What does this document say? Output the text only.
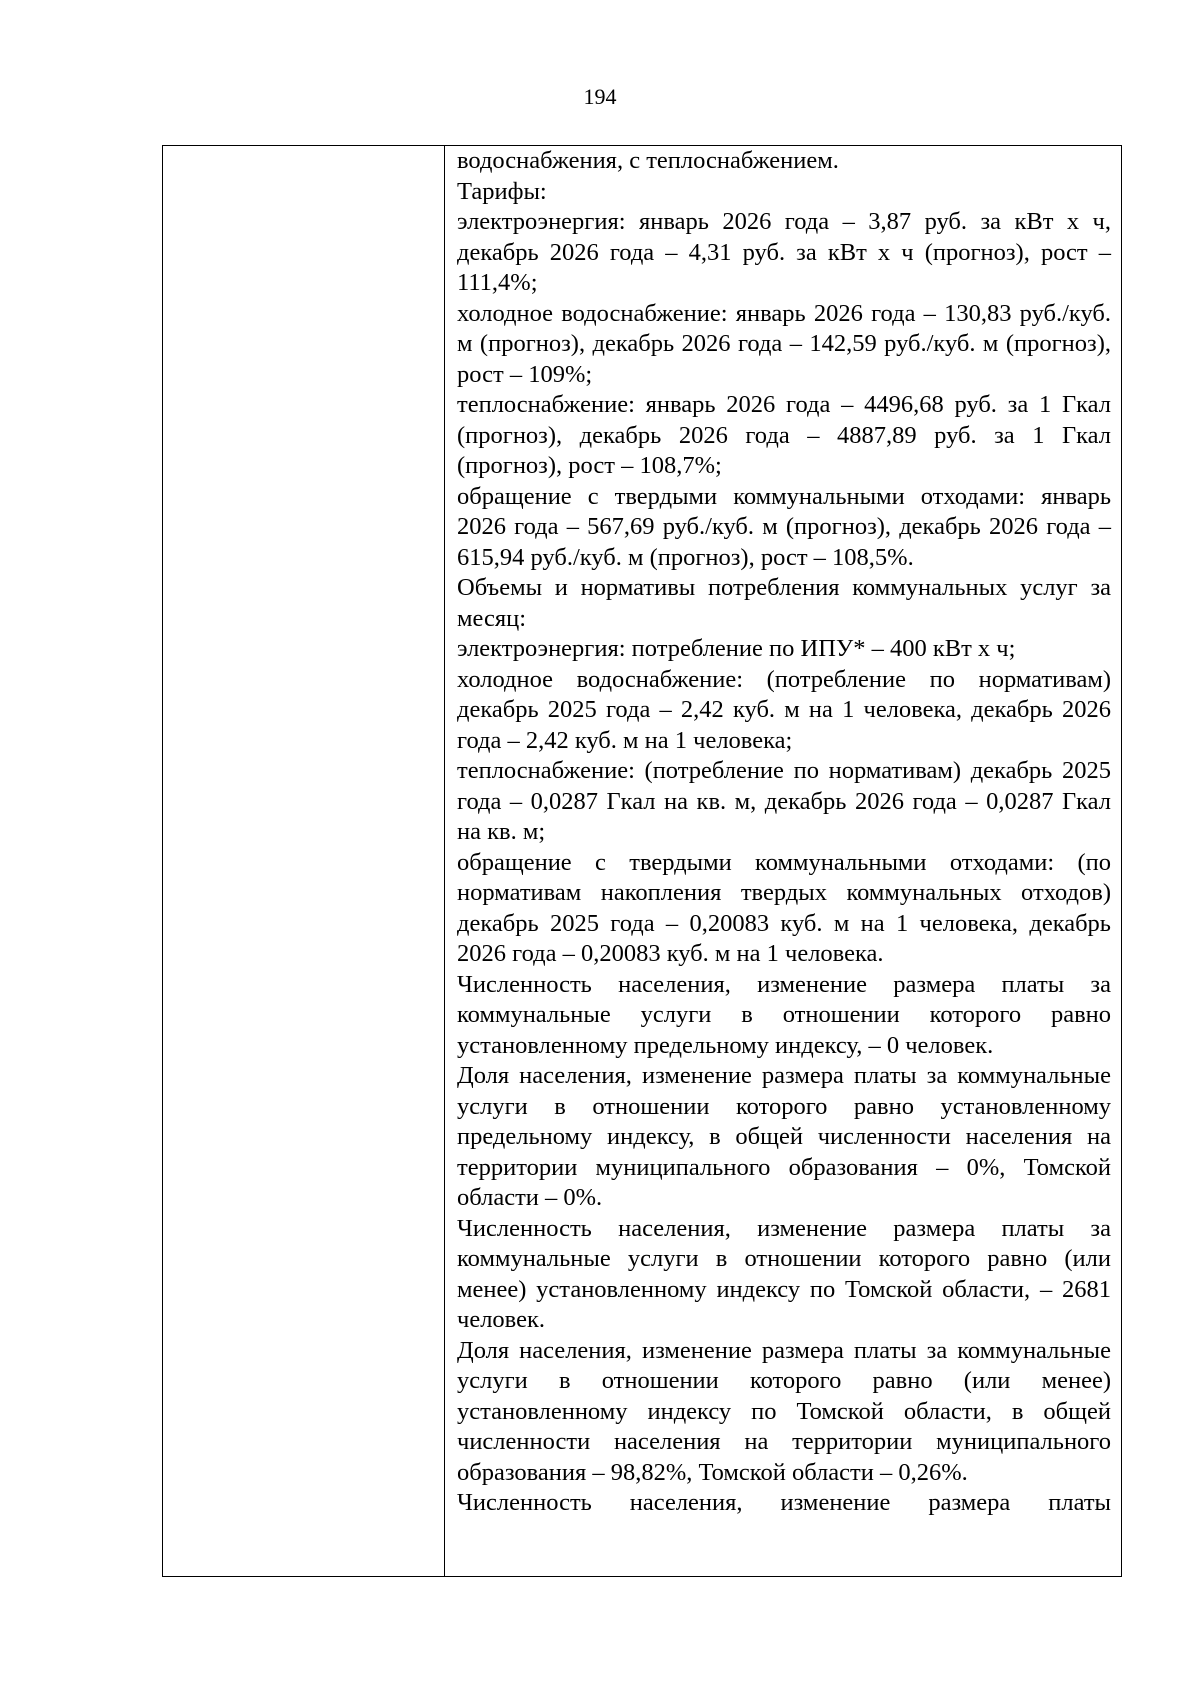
194

водоснабжения, с теплоснабжением.

Тарифы:

электроэнергия: январь 2026 года – 3,87 руб. за кВт х ч, декабрь 2026 года – 4,31 руб. за кВт х ч (прогноз), рост – 111,4%;

холодное водоснабжение: январь 2026 года – 130,83 руб./куб. м (прогноз), декабрь 2026 года – 142,59 руб./куб. м (прогноз), рост – 109%;

теплоснабжение: январь 2026 года – 4496,68 руб. за 1 Гкал (прогноз), декабрь 2026 года – 4887,89 руб. за 1 Гкал (прогноз), рост – 108,7%;

обращение с твердыми коммунальными отходами: январь 2026 года – 567,69 руб./куб. м (прогноз), декабрь 2026 года – 615,94 руб./куб. м (прогноз), рост – 108,5%.

Объемы и нормативы потребления коммунальных услуг за месяц:

электроэнергия: потребление по ИПУ* – 400 кВт х ч;

холодное водоснабжение: (потребление по нормативам) декабрь 2025 года – 2,42 куб. м на 1 человека, декабрь 2026 года – 2,42 куб. м на 1 человека;

теплоснабжение: (потребление по нормативам) декабрь 2025 года – 0,0287 Гкал на кв. м, декабрь 2026 года – 0,0287 Гкал на кв. м;

обращение с твердыми коммунальными отходами: (по нормативам накопления твердых коммунальных отходов) декабрь 2025 года – 0,20083 куб. м на 1 человека, декабрь 2026 года – 0,20083 куб. м на 1 человека.

Численность населения, изменение размера платы за коммунальные услуги в отношении которого равно установленному предельному индексу, – 0 человек.

Доля населения, изменение размера платы за коммунальные услуги в отношении которого равно установленному предельному индексу, в общей численности населения на территории муниципального образования – 0%, Томской области – 0%.

Численность населения, изменение размера платы за коммунальные услуги в отношении которого равно (или менее) установленному индексу по Томской области, – 2681 человек.

Доля населения, изменение размера платы за коммунальные услуги в отношении которого равно (или менее) установленному индексу по Томской области, в общей численности населения на территории муниципального образования – 98,82%, Томской области – 0,26%.

Численность населения, изменение размера платы
